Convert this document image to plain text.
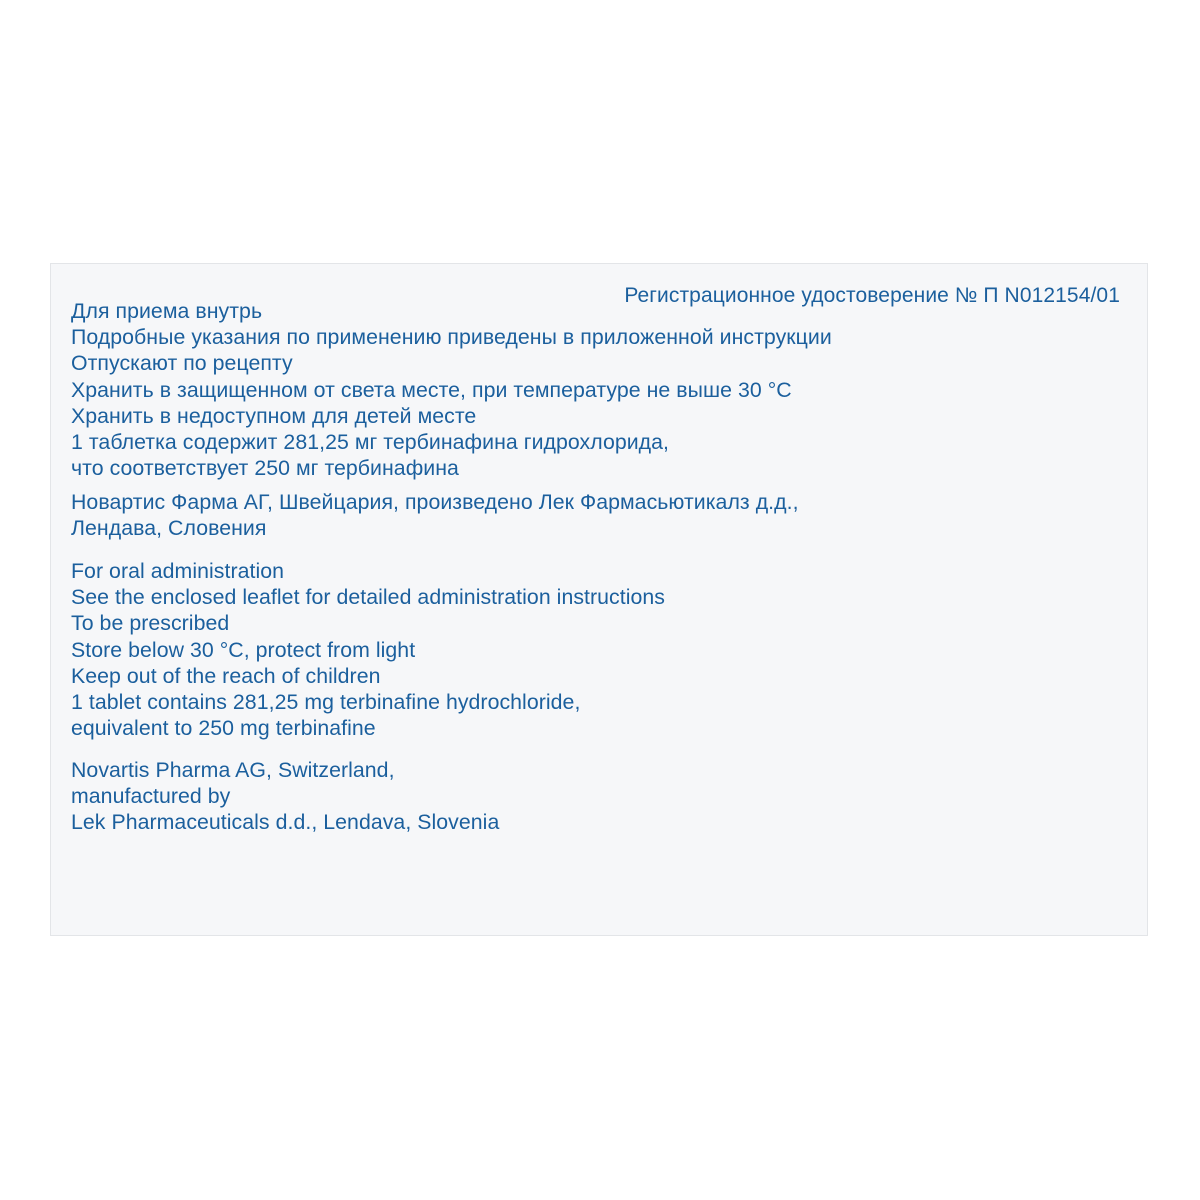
Регистрационное удостоверение № П N012154/01
Для приема внутрь
Подробные указания по применению приведены в приложенной инструкции
Отпускают по рецепту
Хранить в защищенном от света месте, при температуре не выше 30 °C
Хранить в недоступном для детей месте
1 таблетка содержит 281,25 мг тербинафина гидрохлорида,
что соответствует 250 мг тербинафина
Новартис Фарма АГ, Швейцария, произведено Лек Фармасьютикалз д.д.,
Лендава, Словения
For oral administration
See the enclosed leaflet for detailed administration instructions
To be prescribed
Store below 30 °C, protect from light
Keep out of the reach of children
1 tablet contains 281,25 mg terbinafine hydrochloride,
equivalent to 250 mg terbinafine
Novartis Pharma AG, Switzerland,
manufactured by
Lek Pharmaceuticals d.d., Lendava, Slovenia
